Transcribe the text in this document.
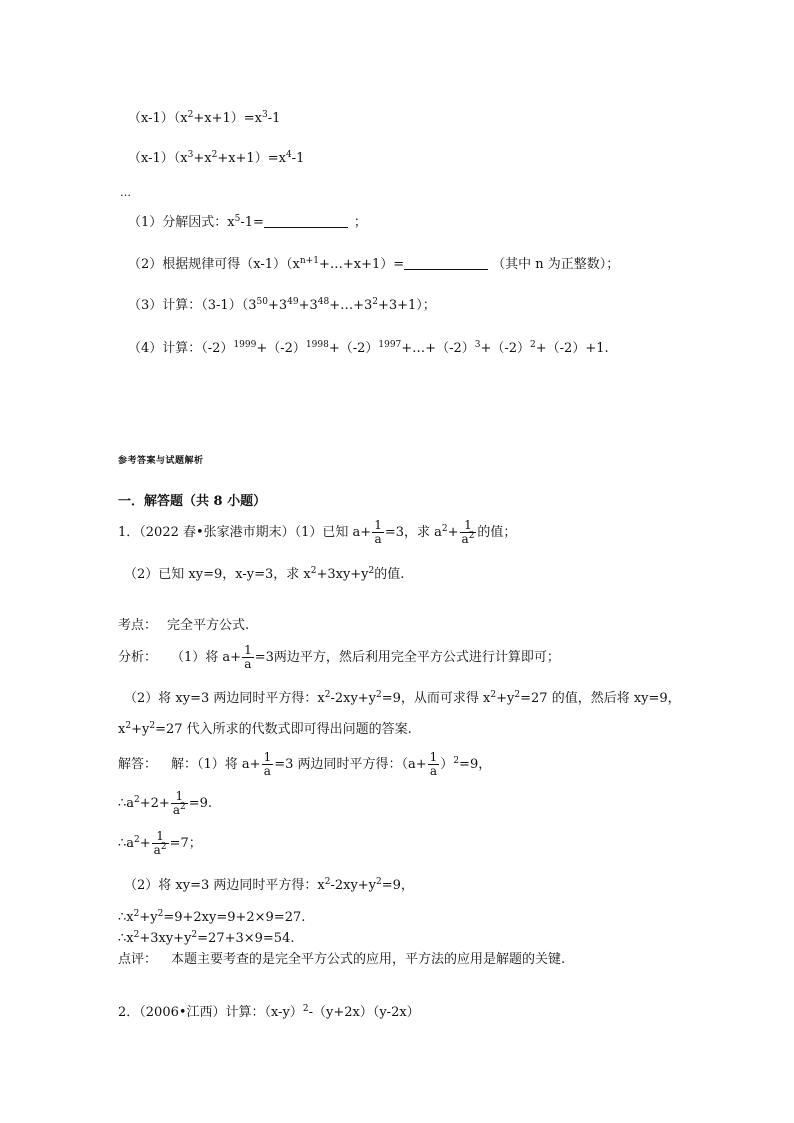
$(x-1)(x^2+x+1)=x^3-1$
$(x-1)(x^3+x^2+x+1)=x^4-1$
…
（1）分解因式：$x^5-1=$	；
（2）根据规律可得$(x-1)(x^{n+1}+\dots+x+1)=$	（其中 n 为正整数）；
（3）计算：$(3-1)(3^{50}+3^{49}+3^{48}+\dots+3^2+3+1)$；
（4）计算：$(-2)^{1999}+(-2)^{1998}+(-2)^{1997}+\dots+(-2)^3+(-2)^2+(-2)+1$.
参考答案与试题解析
一．解答题（共 8 小题）
1．（2022 春•张家港市期末）（1）已知 $a+ \frac{1}{a} =3$，求 $a^2+ \frac{1}{a^2}$ 的值；
（2）已知 xy=9，x-y=3，求 $x^2+3xy+y^2$的值.
考点： 完全平方公式.
分析： （1）将 $a+ \frac{1}{a} =3$两边平方，然后利用完全平方公式进行计算即可；
（2）将 xy=3 两边同时平方得：$x^2-2xy+y^2=9$，从而可求得 $x^2+y^2=27$ 的值，然后将 xy=9，
$x^2+y^2=27$ 代入所求的代数式即可得出问题的答案.
解答： 解：（1）将 $a+ \frac{1}{a} =3$ 两边同时平方得：$(a+ \frac{1}{a} )^2=9$，
$\therefore a^2+2+ \frac{1}{a^2} =9$.
$\therefore a^2+ \frac{1}{a^2} =7$；
（2）将 xy=3 两边同时平方得：$x^2-2xy+y^2=9$，
$\therefore x^2+y^2=9+2xy=9+2\times 9=27$.
$\therefore x^2+3xy+y^2=27+3\times 9=54$.
点评： 本题主要考查的是完全平方公式的应用，平方法的应用是解题的关键.
2．（2006•江西）计算：$(x-y)^2-(y+2x)(y-2x)$
